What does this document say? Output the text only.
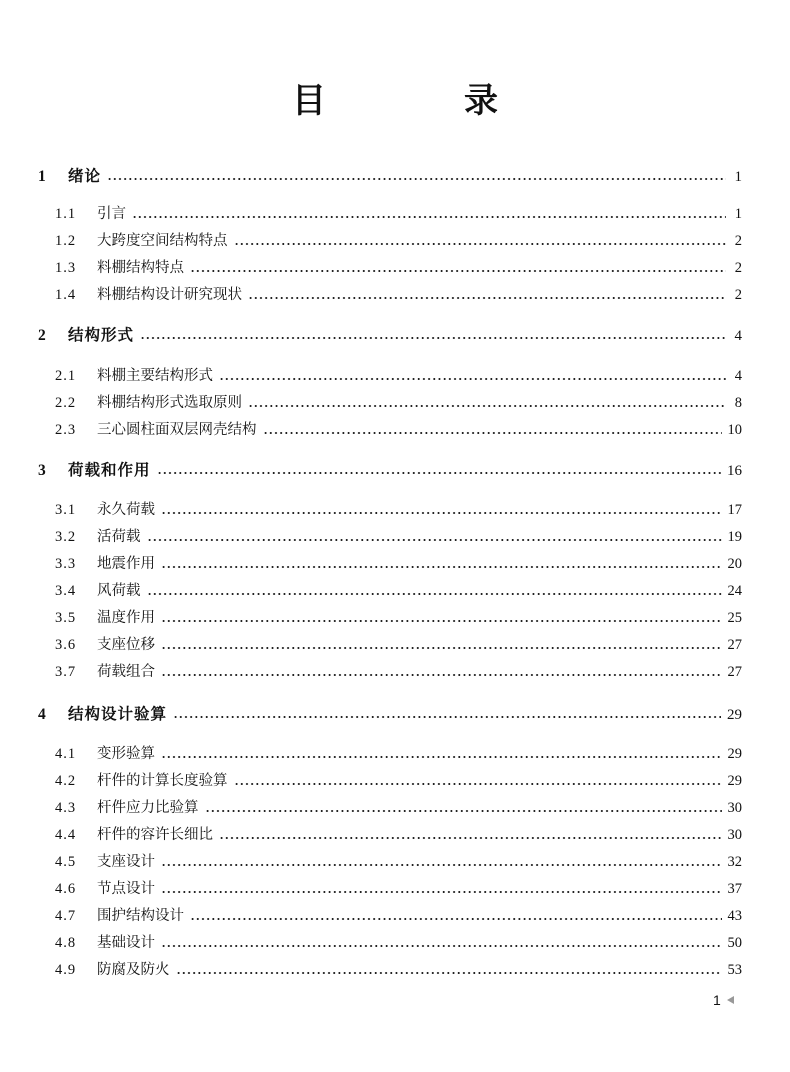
目　录
1	绪论	1
1.1	引言	1
1.2	大跨度空间结构特点	2
1.3	料棚结构特点	2
1.4	料棚结构设计研究现状	2
2	结构形式	4
2.1	料棚主要结构形式	4
2.2	料棚结构形式选取原则	8
2.3	三心圆柱面双层网壳结构	10
3	荷载和作用	16
3.1	永久荷载	17
3.2	活荷载	19
3.3	地震作用	20
3.4	风荷载	24
3.5	温度作用	25
3.6	支座位移	27
3.7	荷载组合	27
4	结构设计验算	29
4.1	变形验算	29
4.2	杆件的计算长度验算	29
4.3	杆件应力比验算	30
4.4	杆件的容许长细比	30
4.5	支座设计	32
4.6	节点设计	37
4.7	围护结构设计	43
4.8	基础设计	50
4.9	防腐及防火	53
1
